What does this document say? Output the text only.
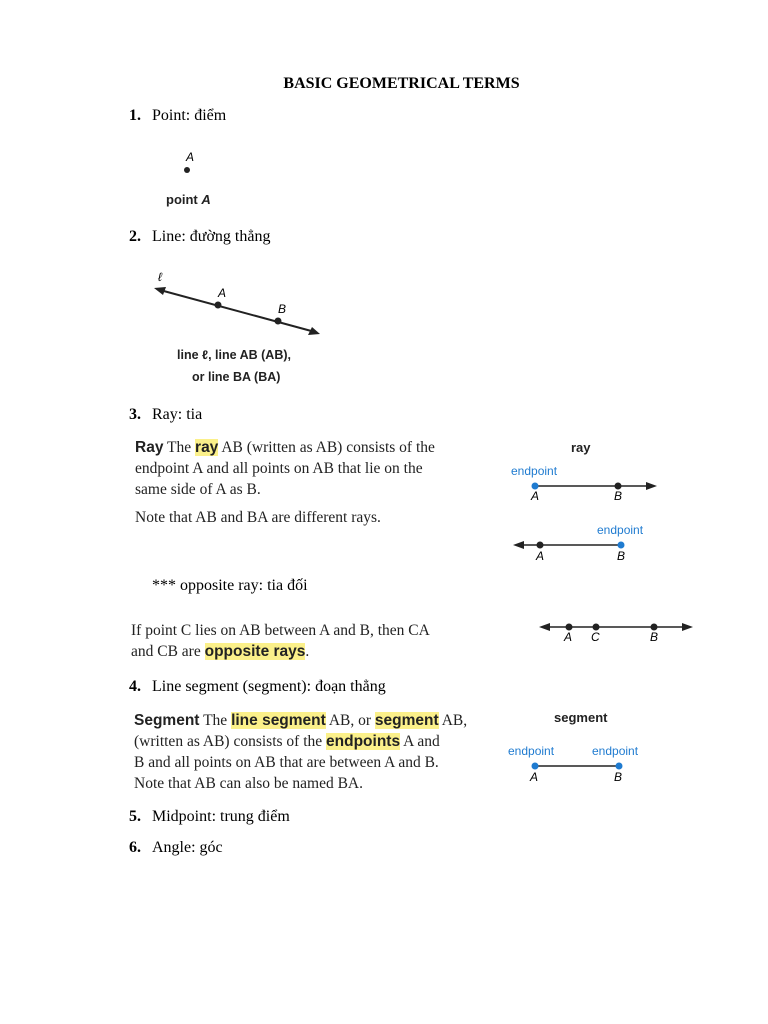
BASIC GEOMETRICAL TERMS
1. Point: điểm
A
point A
2. Line: đường thẳng
ℓ
A
B
line ℓ, line AB (AB),
or line BA (BA)
3. Ray: tia
Ray The ray AB (written as AB) consists of the
endpoint A and all points on AB that lie on the
same side of A as B.
Note that AB and BA are different rays.
ray
endpoint
A	B
endpoint
A	B
*** opposite ray: tia đối
If point C lies on AB between A and B, then CA
and CB are opposite rays.
A C	B
4. Line segment (segment): đoạn thẳng
Segment The line segment AB, or segment AB,
(written as AB) consists of the endpoints A and
B and all points on AB that are between A and B.
Note that AB can also be named BA.
segment
endpoint	endpoint
A	B
5. Midpoint: trung điểm
6. Angle: góc
